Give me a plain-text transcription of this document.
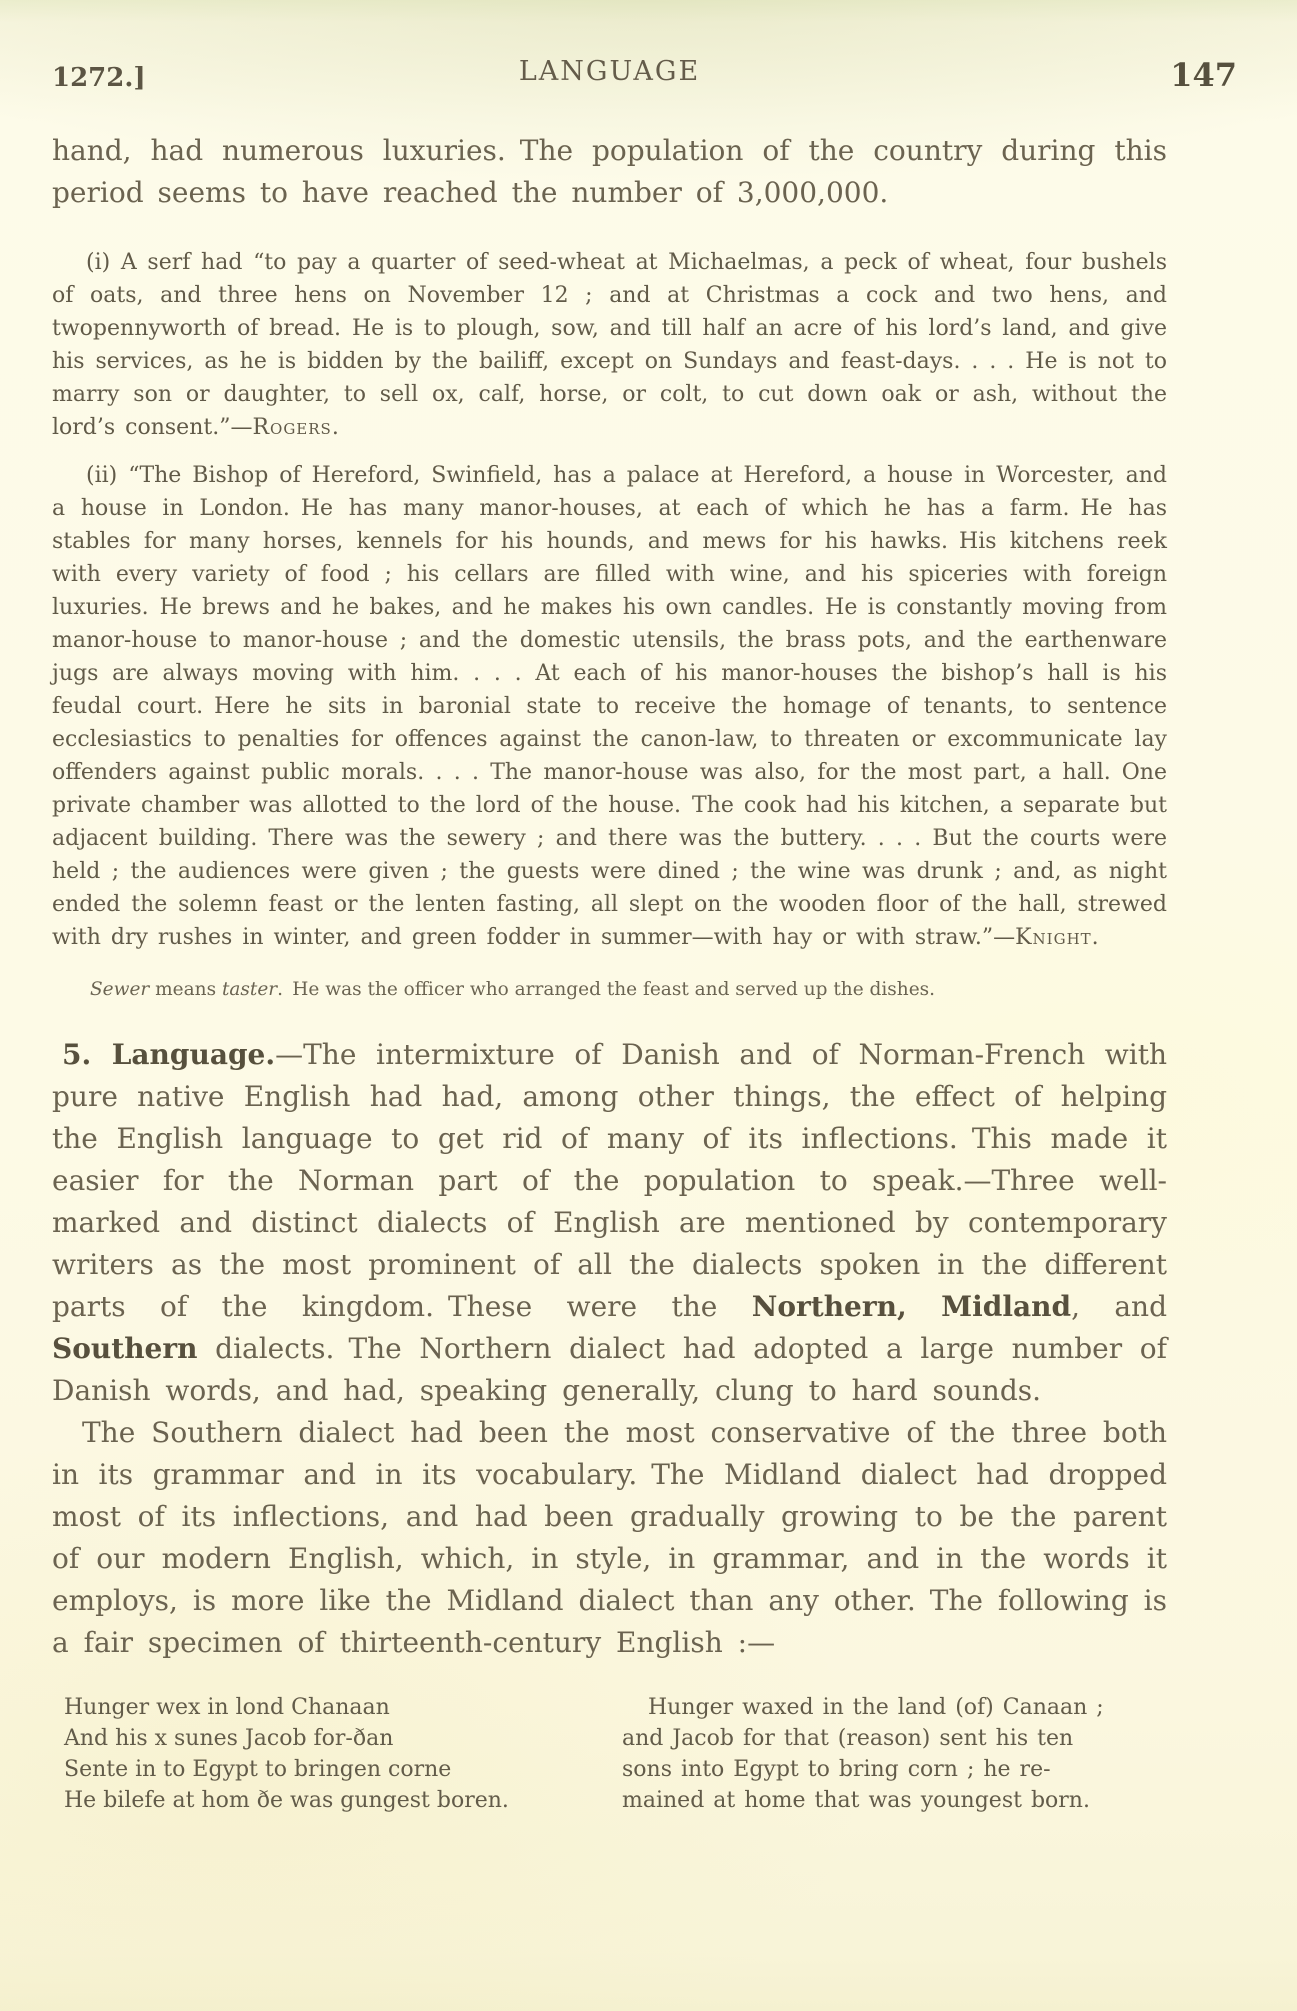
1272.]	LANGUAGE	147

hand, had numerous luxuries. The population of the country during this period seems to have reached the number of 3,000,000.

(i) A serf had “to pay a quarter of seed-wheat at Michaelmas, a peck of wheat, four bushels of oats, and three hens on November 12 ; and at Christmas a cock and two hens, and twopennyworth of bread. He is to plough, sow, and till half an acre of his lord’s land, and give his services, as he is bidden by the bailiff, except on Sundays and feast-days. . . . He is not to marry son or daughter, to sell ox, calf, horse, or colt, to cut down oak or ash, without the lord’s consent.”—Rogers.

(ii) “The Bishop of Hereford, Swinfield, has a palace at Hereford, a house in Worcester, and a house in London. He has many manor-houses, at each of which he has a farm. He has stables for many horses, kennels for his hounds, and mews for his hawks. His kitchens reek with every variety of food ; his cellars are filled with wine, and his spiceries with foreign luxuries. He brews and he bakes, and he makes his own candles. He is constantly moving from manor-house to manor-house ; and the domestic utensils, the brass pots, and the earthenware jugs are always moving with him. . . . At each of his manor-houses the bishop’s hall is his feudal court. Here he sits in baronial state to receive the homage of tenants, to sentence ecclesiastics to penalties for offences against the canon-law, to threaten or excommunicate lay offenders against public morals. . . . The manor-house was also, for the most part, a hall. One private chamber was allotted to the lord of the house. The cook had his kitchen, a separate but adjacent building. There was the sewery ; and there was the buttery. . . . But the courts were held ; the audiences were given ; the guests were dined ; the wine was drunk ; and, as night ended the solemn feast or the lenten fasting, all slept on the wooden floor of the hall, strewed with dry rushes in winter, and green fodder in summer—with hay or with straw.”—Knight.

Sewer means taster. He was the officer who arranged the feast and served up the dishes.

5. Language.—The intermixture of Danish and of Norman-French with pure native English had had, among other things, the effect of helping the English language to get rid of many of its inflections. This made it easier for the Norman part of the population to speak.—Three well-marked and distinct dialects of English are mentioned by contemporary writers as the most prominent of all the dialects spoken in the different parts of the kingdom. These were the Northern, Midland, and Southern dialects. The Northern dialect had adopted a large number of Danish words, and had, speaking generally, clung to hard sounds.

The Southern dialect had been the most conservative of the three both in its grammar and in its vocabulary. The Midland dialect had dropped most of its inflections, and had been gradually growing to be the parent of our modern English, which, in style, in grammar, and in the words it employs, is more like the Midland dialect than any other. The following is a fair specimen of thirteenth-century English :—

Hunger wex in lond Chanaan
And his x sunes Jacob for-ðan
Sente in to Egypt to bringen corne
He bilefe at hom ðe was gungest boren.
Hunger waxed in the land (of) Canaan ;
and Jacob for that (reason) sent his ten
sons into Egypt to bring corn ; he re-
mained at home that was youngest born.
